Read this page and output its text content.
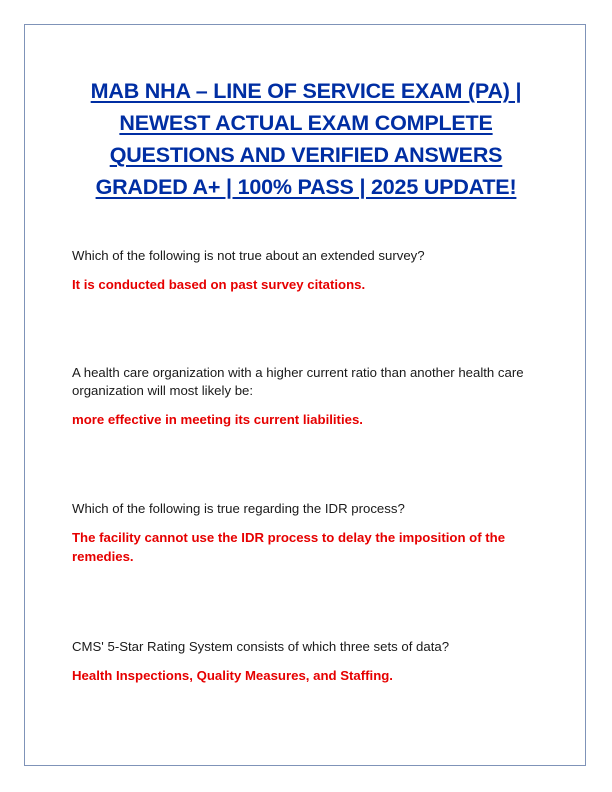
MAB NHA – LINE OF SERVICE EXAM (PA) |
NEWEST ACTUAL EXAM COMPLETE
QUESTIONS AND VERIFIED ANSWERS
GRADED A+ | 100% PASS | 2025 UPDATE!

Which of the following is not true about an extended survey?

It is conducted based on past survey citations.

A health care organization with a higher current ratio than another health care organization will most likely be:

more effective in meeting its current liabilities.

Which of the following is true regarding the IDR process?

The facility cannot use the IDR process to delay the imposition of the remedies.

CMS' 5-Star Rating System consists of which three sets of data?

Health Inspections, Quality Measures, and Staffing.
